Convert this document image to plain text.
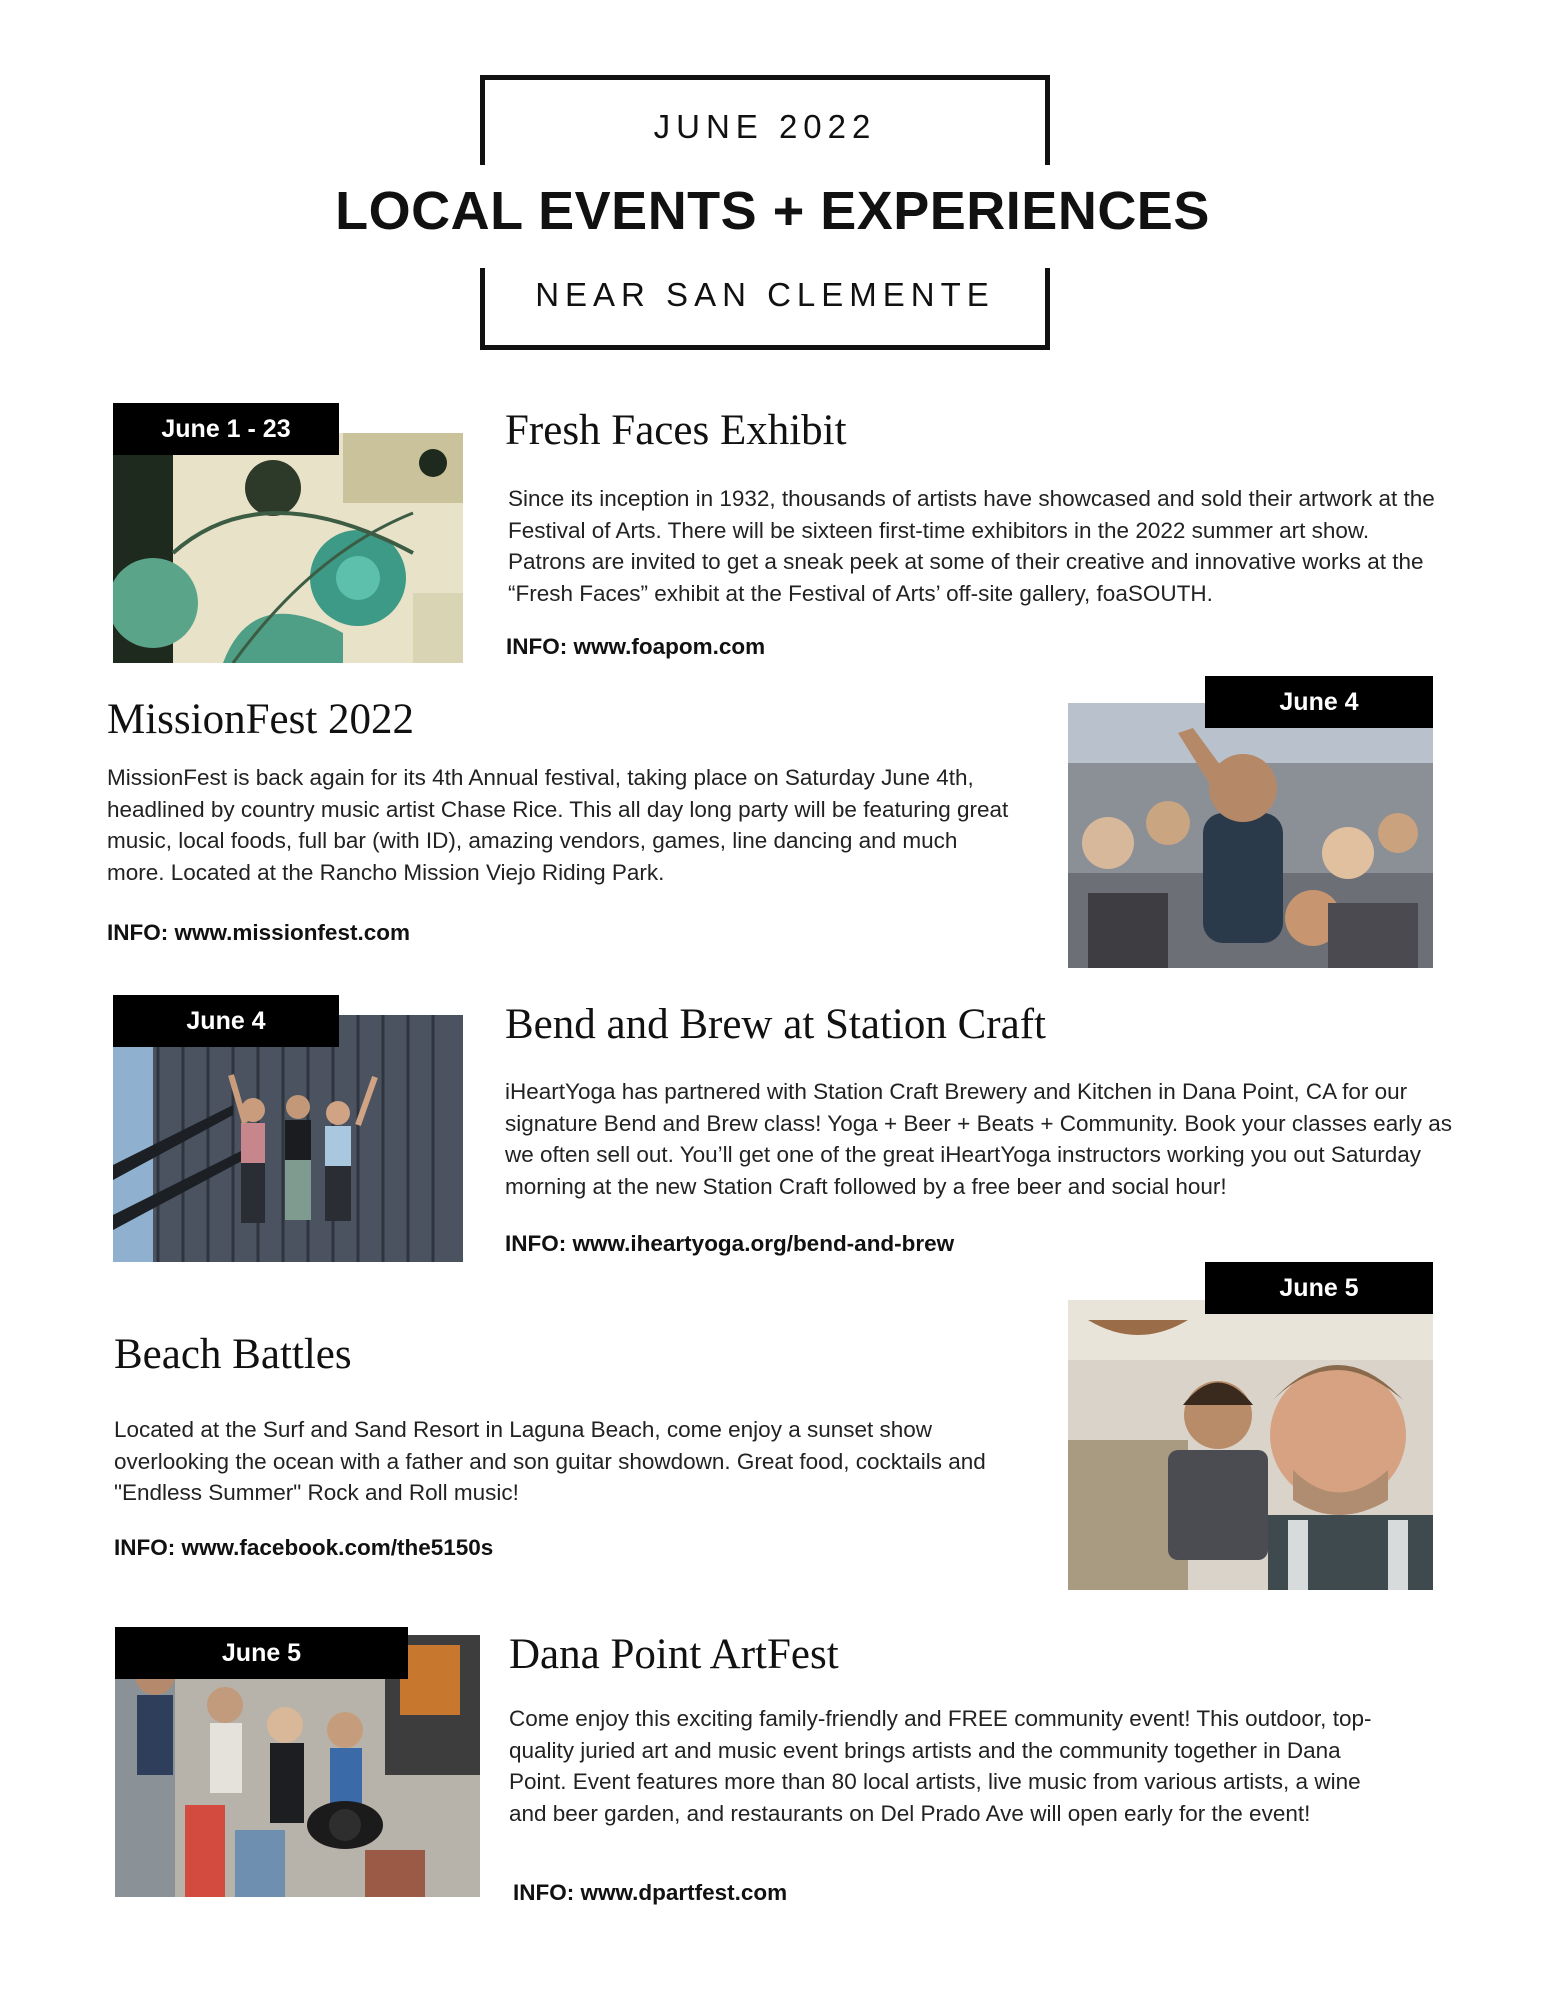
JUNE 2022
LOCAL EVENTS + EXPERIENCES
NEAR SAN CLEMENTE
June 1 - 23	Fresh Faces Exhibit
Since its inception in 1932, thousands of artists have showcased and sold their artwork at the Festival of Arts. There will be sixteen first-time exhibitors in the 2022 summer art show. Patrons are invited to get a sneak peek at some of their creative and innovative works at the “Fresh Faces” exhibit at the Festival of Arts’ off-site gallery, foaSOUTH.
INFO: www.foapom.com
MissionFest 2022
MissionFest is back again for its 4th Annual festival, taking place on Saturday June 4th, headlined by country music artist Chase Rice. This all day long party will be featuring great music, local foods, full bar (with ID), amazing vendors, games, line dancing and much more. Located at the Rancho Mission Viejo Riding Park.
INFO: www.missionfest.com
June 4
June 4	Bend and Brew at Station Craft
iHeartYoga has partnered with Station Craft Brewery and Kitchen in Dana Point, CA for our signature Bend and Brew class! Yoga + Beer + Beats + Community. Book your classes early as we often sell out. You’ll get one of the great iHeartYoga instructors working you out Saturday morning at the new Station Craft followed by a free beer and social hour!
INFO: www.iheartyoga.org/bend-and-brew
Beach Battles
Located at the Surf and Sand Resort in Laguna Beach, come enjoy a sunset show overlooking the ocean with a father and son guitar showdown. Great food, cocktails and "Endless Summer" Rock and Roll music!
INFO: www.facebook.com/the5150s
June 5
June 5	Dana Point ArtFest
Come enjoy this exciting family-friendly and FREE community event! This outdoor, top-quality juried art and music event brings artists and the community together in Dana Point. Event features more than 80 local artists, live music from various artists, a wine and beer garden, and restaurants on Del Prado Ave will open early for the event!
INFO: www.dpartfest.com
